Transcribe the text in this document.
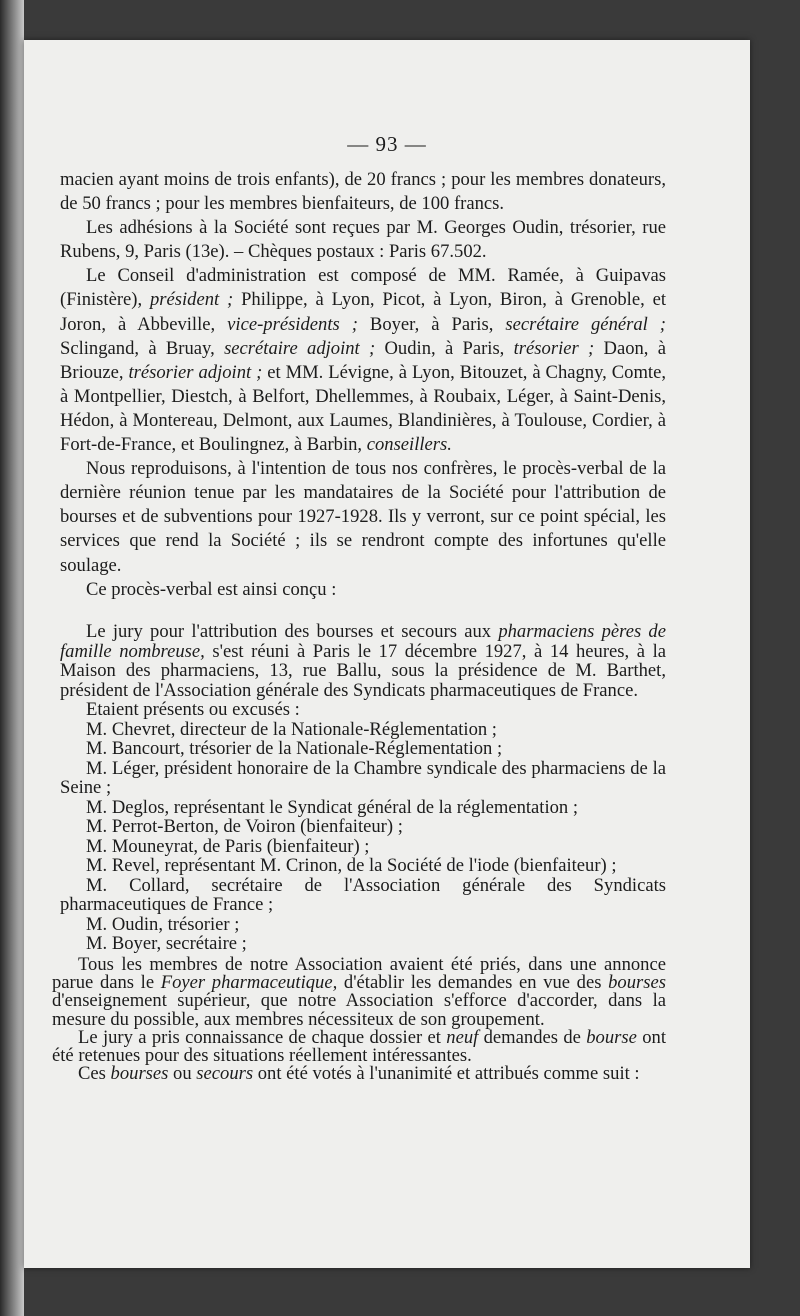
— 93 —

macien ayant moins de trois enfants), de 20 francs ; pour les membres donateurs, de 50 francs ; pour les membres bienfaiteurs, de 100 francs.

Les adhésions à la Société sont reçues par M. Georges Oudin, trésorier, rue Rubens, 9, Paris (13e). – Chèques postaux : Paris 67.502.

Le Conseil d'administration est composé de MM. Ramée, à Guipavas (Finistère), président ; Philippe, à Lyon, Picot, à Lyon, Biron, à Grenoble, et Joron, à Abbeville, vice-présidents ; Boyer, à Paris, secrétaire général ; Sclingand, à Bruay, secrétaire adjoint ; Oudin, à Paris, trésorier ; Daon, à Briouze, trésorier adjoint ; et MM. Lévigne, à Lyon, Bitouzet, à Chagny, Comte, à Montpellier, Diestch, à Belfort, Dhellemmes, à Roubaix, Léger, à Saint-Denis, Hédon, à Montereau, Delmont, aux Laumes, Blandinières, à Toulouse, Cordier, à Fort-de-France, et Boulingnez, à Barbin, conseillers.

Nous reproduisons, à l'intention de tous nos confrères, le procès-verbal de la dernière réunion tenue par les mandataires de la Société pour l'attribution de bourses et de subventions pour 1927-1928. Ils y verront, sur ce point spécial, les services que rend la Société ; ils se rendront compte des infortunes qu'elle soulage.

Ce procès-verbal est ainsi conçu :

Le jury pour l'attribution des bourses et secours aux pharmaciens pères de famille nombreuse, s'est réuni à Paris le 17 décembre 1927, à 14 heures, à la Maison des pharmaciens, 13, rue Ballu, sous la présidence de M. Barthet, président de l'Association générale des Syndicats pharmaceutiques de France.

Etaient présents ou excusés :

M. Chevret, directeur de la Nationale-Réglementation ;

M. Bancourt, trésorier de la Nationale-Réglementation ;

M. Léger, président honoraire de la Chambre syndicale des pharmaciens de la Seine ;

M. Deglos, représentant le Syndicat général de la réglementation ;

M. Perrot-Berton, de Voiron (bienfaiteur) ;

M. Mouneyrat, de Paris (bienfaiteur) ;

M. Revel, représentant M. Crinon, de la Société de l'iode (bienfaiteur) ;

M. Collard, secrétaire de l'Association générale des Syndicats pharmaceutiques de France ;

M. Oudin, trésorier ;

M. Boyer, secrétaire ;

Tous les membres de notre Association avaient été priés, dans une annonce parue dans le Foyer pharmaceutique, d'établir les demandes en vue des bourses d'enseignement supérieur, que notre Association s'efforce d'accorder, dans la mesure du possible, aux membres nécessiteux de son groupement.

Le jury a pris connaissance de chaque dossier et neuf demandes de bourse ont été retenues pour des situations réellement intéressantes.

Ces bourses ou secours ont été votés à l'unanimité et attribués comme suit :
